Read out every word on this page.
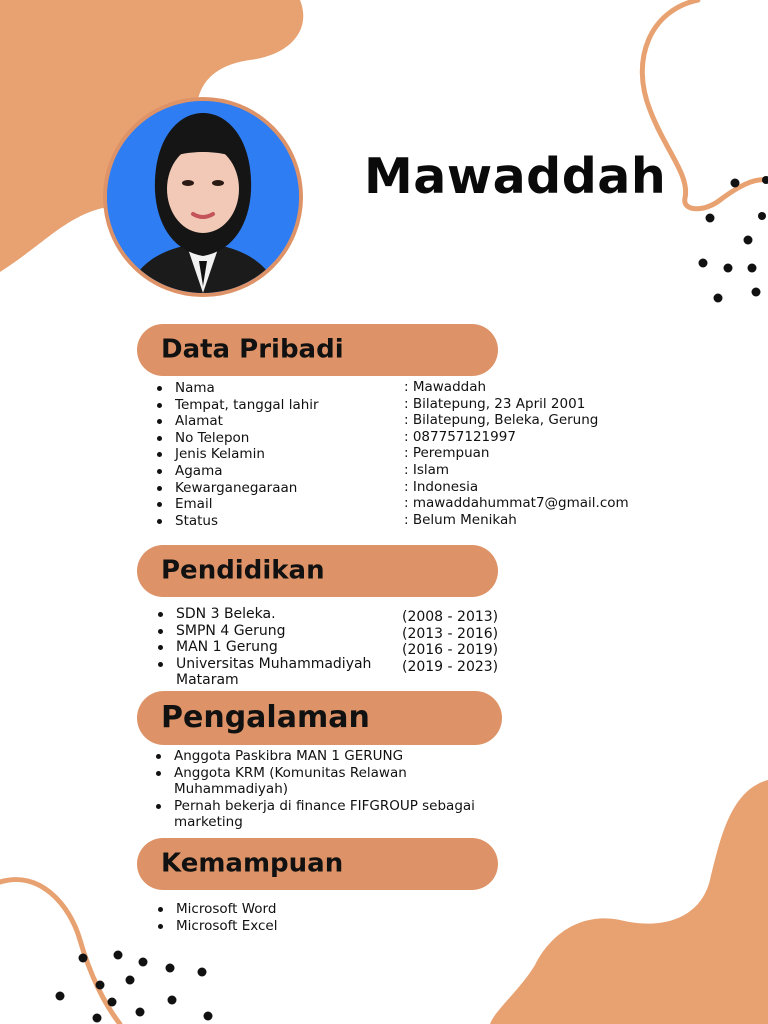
Mawaddah
Data Pribadi
Nama
Tempat, tanggal lahir
Alamat
No Telepon
Jenis Kelamin
Agama
Kewarganegaraan
Email
Status
: Mawaddah
: Bilatepung, 23 April 2001
: Bilatepung, Beleka, Gerung
: 087757121997
: Perempuan
: Islam
: Indonesia
: mawaddahummat7@gmail.com
: Belum Menikah
Pendidikan
SDN 3 Beleka.
SMPN 4 Gerung
MAN 1 Gerung
Universitas Muhammadiyah Mataram
(2008 - 2013)
(2013 - 2016)
(2016 - 2019)
(2019 - 2023)
Pengalaman
Anggota Paskibra MAN 1 GERUNG
Anggota KRM (Komunitas Relawan Muhammadiyah)
Pernah bekerja di finance FIFGROUP sebagai marketing
Kemampuan
Microsoft Word
Microsoft Excel
